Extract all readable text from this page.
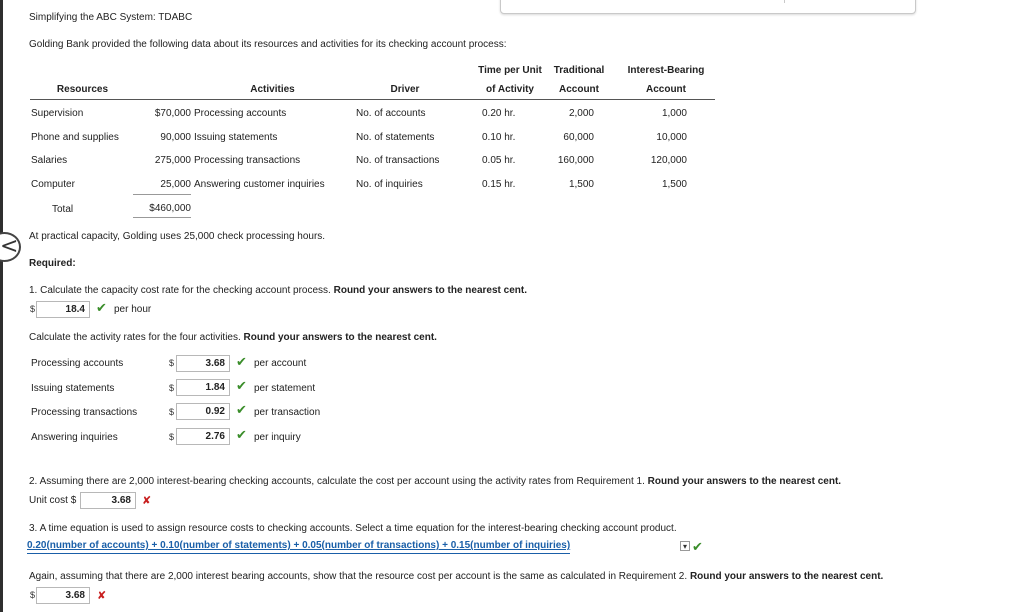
<
Simplifying the ABC System: TDABC
Golding Bank provided the following data about its resources and activities for its checking account process:
Time per Unit	Traditional	Interest-Bearing
Resources	Activities	Driver	of Activity	Account	Account
Supervision	$70,000 Processing accounts	No. of accounts	0.20 hr.	2,000	1,000
Phone and supplies	90,000 Issuing statements	No. of statements	0.10 hr.	60,000	10,000
Salaries	275,000 Processing transactions	No. of transactions	0.05 hr.	160,000	120,000
Computer	25,000 Answering customer inquiries	No. of inquiries	0.15 hr.	1,500	1,500
Total	$460,000
At practical capacity, Golding uses 25,000 check processing hours.
Required:
1. Calculate the capacity cost rate for the checking account process. Round your answers to the nearest cent.
$	18.4 ✔ per hour
Calculate the activity rates for the four activities. Round your answers to the nearest cent.
Processing accounts	$	3.68 ✔ per account
Issuing statements	$	1.84 ✔ per statement
Processing transactions	$	0.92 ✔ per transaction
Answering inquiries	$	2.76 ✔ per inquiry
2. Assuming there are 2,000 interest-bearing checking accounts, calculate the cost per account using the activity rates from Requirement 1. Round your answers to the nearest cent.
Unit cost $	3.68	✘
3. A time equation is used to assign resource costs to checking accounts. Select a time equation for the interest-bearing checking account product.
0.20(number of accounts) + 0.10(number of statements) + 0.05(number of transactions) + 0.15(number of inquiries)	▾ ✔
Again, assuming that there are 2,000 interest bearing accounts, show that the resource cost per account is the same as calculated in Requirement 2. Round your answers to the nearest cent.
$	3.68	✘
